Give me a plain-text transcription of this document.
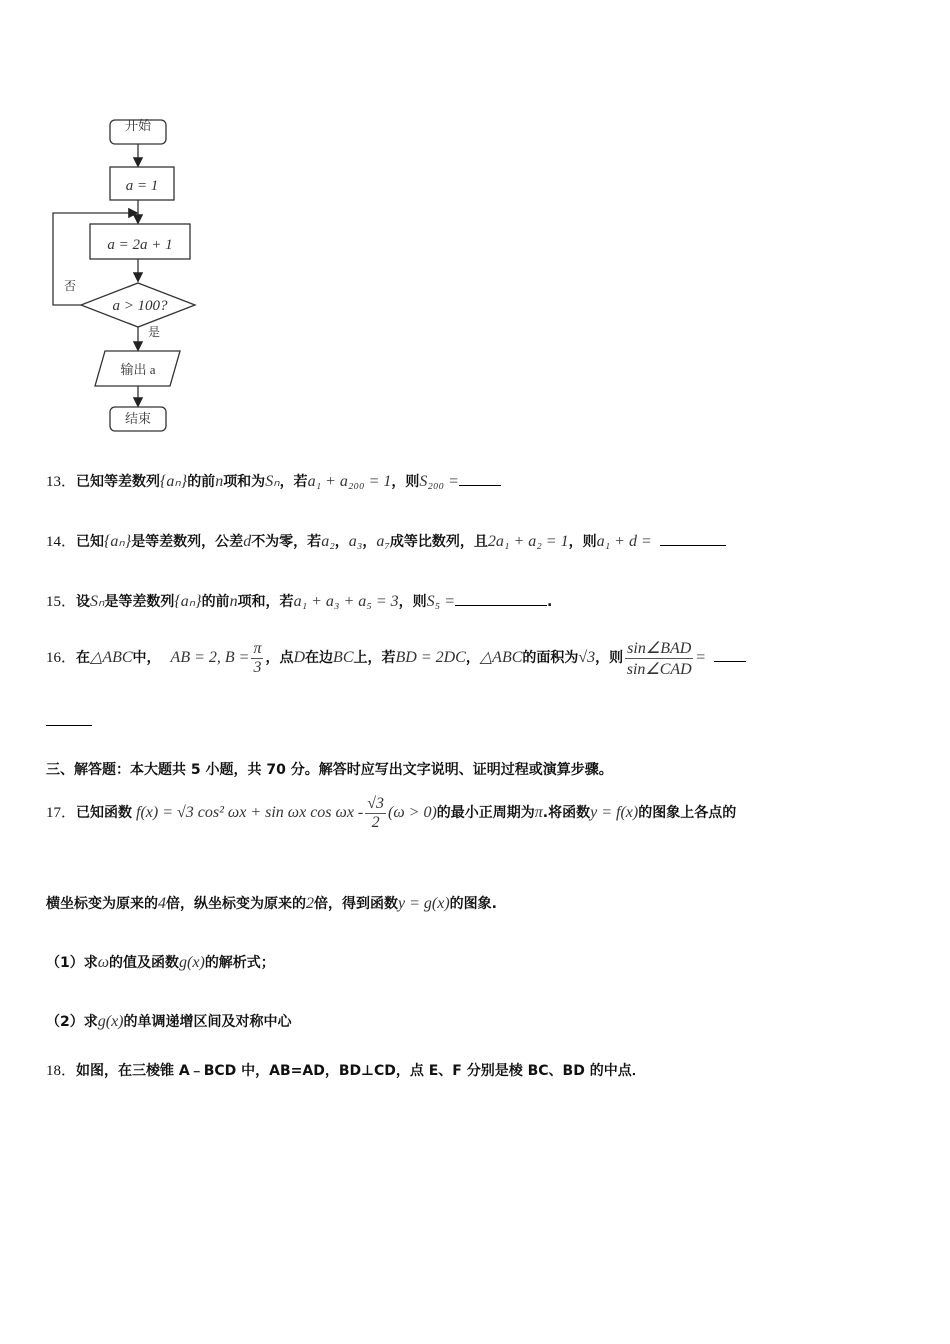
开始
a = 1
a = 2a + 1
a > 100?
否
是
输出 a
结束
13．已知等差数列{aₙ}的前n项和为Sₙ，若a₁ + a₂₀₀ = 1，则S₂₀₀ =
14．已知{aₙ}是等差数列，公差d不为零，若a₂，a₃，a₇成等比数列，且2a₁ + a₂ = 1，则a₁ + d =
15．设Sₙ是等差数列{aₙ}的前n项和，若a₁ + a₃ + a₅ = 3，则S₅ =	.
16．在△ABC中， AB = 2, $B = \frac{\pi}{3}$ ，点D在边BC上，若BD = 2DC，△ABC的面积为√3，则 $\frac{\text{sin∠BAD}}{\text{sin∠CAD}}$ =
三、解答题：本大题共 5 小题，共 70 分。解答时应写出文字说明、证明过程或演算步骤。
17．已知函数 f(x) = √3 cos² ωx + sin ωx $\cos \omega x - \frac{√3}{2} (\omega > 0)$的最小正周期为π.将函数y = f(x)的图象上各点的
横坐标变为原来的4倍，纵坐标变为原来的2倍，得到函数y = g(x)的图象.
（1）求ω的值及函数g(x)的解析式；
（2）求g(x)的单调递增区间及对称中心
18．如图，在三棱锥 A﹣BCD 中，AB=AD，BD⊥CD，点 E、F 分别是棱 BC、BD 的中点．
